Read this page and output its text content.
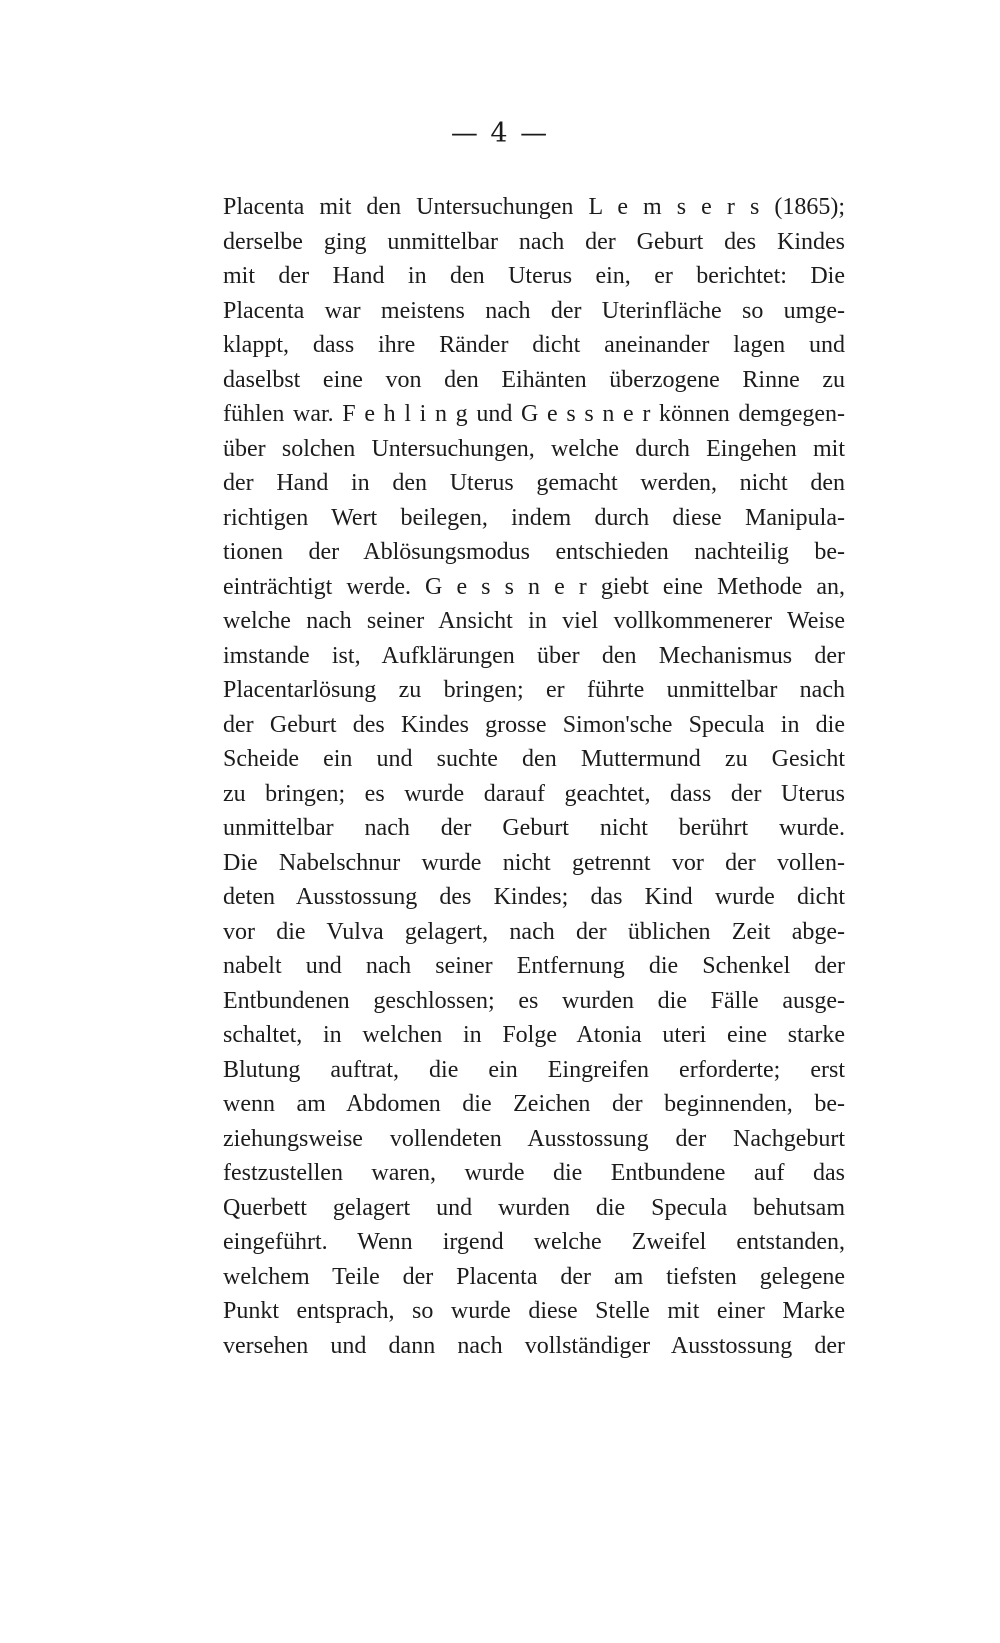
— 4 —
Placenta mit den Untersuchungen L e m s e r s (1865);
derselbe ging unmittelbar nach der Geburt des Kindes
mit der Hand in den Uterus ein, er berichtet: Die
Placenta war meistens nach der Uterinfläche so umge-
klappt, dass ihre Ränder dicht aneinander lagen und
daselbst eine von den Eihänten überzogene Rinne zu
fühlen war. F e h l i n g und G e s s n e r können demgegen-
über solchen Untersuchungen, welche durch Eingehen mit
der Hand in den Uterus gemacht werden, nicht den
richtigen Wert beilegen, indem durch diese Manipula-
tionen der Ablösungsmodus entschieden nachteilig be-
einträchtigt werde. G e s s n e r giebt eine Methode an,
welche nach seiner Ansicht in viel vollkommenerer Weise
imstande ist, Aufklärungen über den Mechanismus der
Placentarlösung zu bringen; er führte unmittelbar nach
der Geburt des Kindes grosse Simon'sche Specula in die
Scheide ein und suchte den Muttermund zu Gesicht
zu bringen; es wurde darauf geachtet, dass der Uterus
unmittelbar nach der Geburt nicht berührt wurde.
Die Nabelschnur wurde nicht getrennt vor der vollen-
deten Ausstossung des Kindes; das Kind wurde dicht
vor die Vulva gelagert, nach der üblichen Zeit abge-
nabelt und nach seiner Entfernung die Schenkel der
Entbundenen geschlossen; es wurden die Fälle ausge-
schaltet, in welchen in Folge Atonia uteri eine starke
Blutung auftrat, die ein Eingreifen erforderte; erst
wenn am Abdomen die Zeichen der beginnenden, be-
ziehungsweise vollendeten Ausstossung der Nachgeburt
festzustellen waren, wurde die Entbundene auf das
Querbett gelagert und wurden die Specula behutsam
eingeführt. Wenn irgend welche Zweifel entstanden,
welchem Teile der Placenta der am tiefsten gelegene
Punkt entsprach, so wurde diese Stelle mit einer Marke
versehen und dann nach vollständiger Ausstossung der
